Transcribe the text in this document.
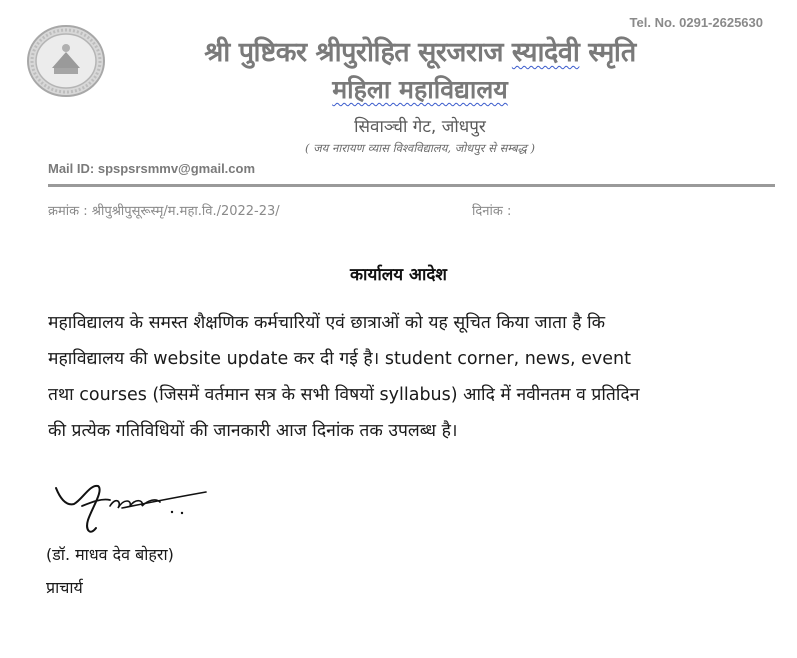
Tel. No. 0291-2625630
श्री पुष्टिकर श्रीपुरोहित सूरजराज स्यादेवी स्मृति
महिला महाविद्यालय
सिवाञ्ची गेट, जोधपुर
( जय नारायण व्यास विश्वविद्यालय, जोधपुर से सम्बद्ध )
Mail ID: spspsrsmmv@gmail.com
क्रमांक : श्रीपुश्रीपुसूरूस्मृ/म.महा.वि./2022-23/	दिनांक :
कार्यालय आदेश
महाविद्यालय के समस्त शैक्षणिक कर्मचारियों एवं छात्राओं को यह सूचित किया जाता है कि
महाविद्यालय की website update कर दी गई है। student corner, news, event
तथा courses (जिसमें वर्तमान सत्र के सभी विषयों syllabus) आदि में नवीनतम व प्रतिदिन
की प्रत्येक गतिविधियों की जानकारी आज दिनांक तक उपलब्ध है।
(डॉ. माधव देव बोहरा)
प्राचार्य
